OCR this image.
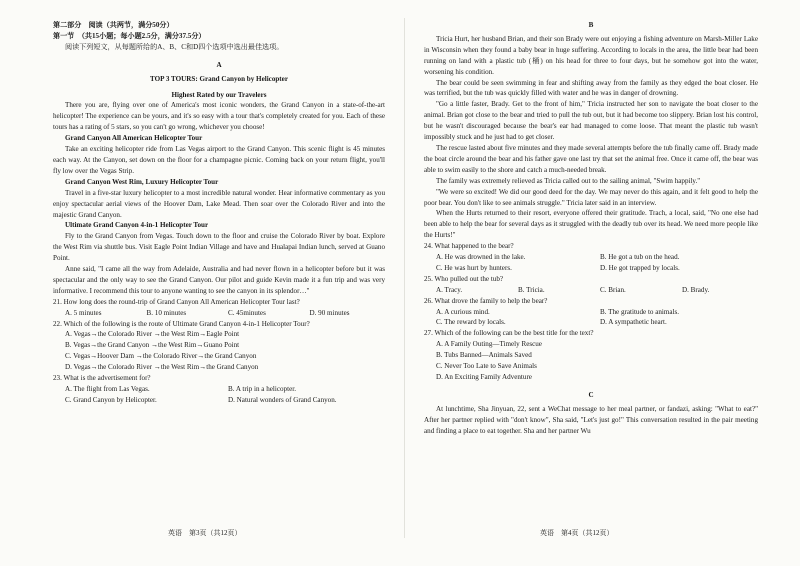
第二部分　阅读（共两节，满分50分）

第一节　（共15小题；每小题2.5分，满分37.5分）

阅读下列短文，从每题所给的A、B、C和D四个选项中选出最佳选项。

A

TOP 3 TOURS: Grand Canyon by Helicopter

Highest Rated by our Travelers

There you are, flying over one of America's most iconic wonders, the Grand Canyon in a state-of-the-art helicopter! The experience can be yours, and it's so easy with a tour that's completely created for you. Each of these tours has a rating of 5 stars, so you can't go wrong, whichever you choose!

Grand Canyon All American Helicopter Tour

Take an exciting helicopter ride from Las Vegas airport to the Grand Canyon. This scenic flight is 45 minutes each way. At the Canyon, set down on the floor for a champagne picnic. Coming back on your return flight, you'll fly low over the Vegas Strip.

Grand Canyon West Rim, Luxury Helicopter Tour

Travel in a five-star luxury helicopter to a most incredible natural wonder. Hear informative commentary as you enjoy spectacular aerial views of the Hoover Dam, Lake Mead. Then soar over the Colorado River and into the majestic Grand Canyon.

Ultimate Grand Canyon 4-in-1 Helicopter Tour

Fly to the Grand Canyon from Vegas. Touch down to the floor and cruise the Colorado River by boat. Explore the West Rim via shuttle bus. Visit Eagle Point Indian Village and have and Hualapai Indian lunch, served at Guano Point.

Anne said, "I came all the way from Adelaide, Australia and had never flown in a helicopter before but it was spectacular and the only way to see the Grand Canyon. Our pilot and guide Kevin made it a fun trip and was very informative. I recommend this tour to anyone wanting to see the canyon in its splendor…"

21. How long does the round-trip of Grand Canyon All American Helicopter Tour last?

A. 5 minutes	B. 10 minutes	C. 45minutes	D. 90 minutes

22. Which of the following is the route of Ultimate Grand Canyon 4-in-1 Helicopter Tour?

A. Vegas→the Colorado River →the West Rim→Eagle Point
B. Vegas→the Grand Canyon →the West Rim→Guano Point
C. Vegas→Hoover Dam →the Colorado River→the Grand Canyon
D. Vegas→the Colorado River →the West Rim→the Grand Canyon

23. What is the advertisement for?

A. The flight from Las Vegas.	B. A trip in a helicopter.
C. Grand Canyon by Helicopter.	D. Natural wonders of Grand Canyon.

B

Tricia Hurt, her husband Brian, and their son Brady were out enjoying a fishing adventure on Marsh-Miller Lake in Wisconsin when they found a baby bear in huge suffering. According to locals in the area, the little bear had been running on land with a plastic tub (桶) on his head for three to four days, but he somehow got into the water, worsening his condition.

The bear could be seen swimming in fear and shifting away from the family as they edged the boat closer. He was terrified, but the tub was quickly filled with water and he was in danger of drowning.

"Go a little faster, Brady. Get to the front of him," Tricia instructed her son to navigate the boat closer to the animal. Brian got close to the bear and tried to pull the tub out, but it had become too slippery. Brian lost his control, but he wasn't discouraged because the bear's ear had managed to come loose. That meant the plastic tub wasn't impossibly stuck and he just had to get closer.

The rescue lasted about five minutes and they made several attempts before the tub finally came off. Brady made the boat circle around the bear and his father gave one last try that set the animal free. Once it came off, the bear was able to swim easily to the shore and catch a much-needed break.

The family was extremely relieved as Tricia called out to the sailing animal, "Swim happily."

"We were so excited! We did our good deed for the day. We may never do this again, and it felt good to help the poor bear. You don't like to see animals struggle." Tricia later said in an interview.

When the Hurts returned to their resort, everyone offered their gratitude. Trach, a local, said, "No one else had been able to help the bear for several days as it struggled with the deadly tub over its head. We need more people like the Hurts!"

24. What happened to the bear?

A. He was drowned in the lake.	B. He got a tub on the head.
C. He was hurt by hunters.	D. He got trapped by locals.

25. Who pulled out the tub?

A. Tracy.	B. Tricia.	C. Brian.	D. Brady.

26. What drove the family to help the bear?

A. A curious mind.	B. The gratitude to animals.
C. The reward by locals.	D. A sympathetic heart.

27. Which of the following can be the best title for the text?

A. A Family Outing—Timely Rescue
B. Tubs Banned—Animals Saved
C. Never Too Late to Save Animals
D. An Exciting Family Adventure

C

At lunchtime, Sha Jinyuan, 22, sent a WeChat message to her meal partner, or fandazi, asking: "What to eat?" After her partner replied with "don't know", Sha said, "Let's just go!" This conversation resulted in the pair meeting and finding a place to eat together. Sha and her partner Wu

英语　第3页（共12页）	英语　第4页（共12页）
